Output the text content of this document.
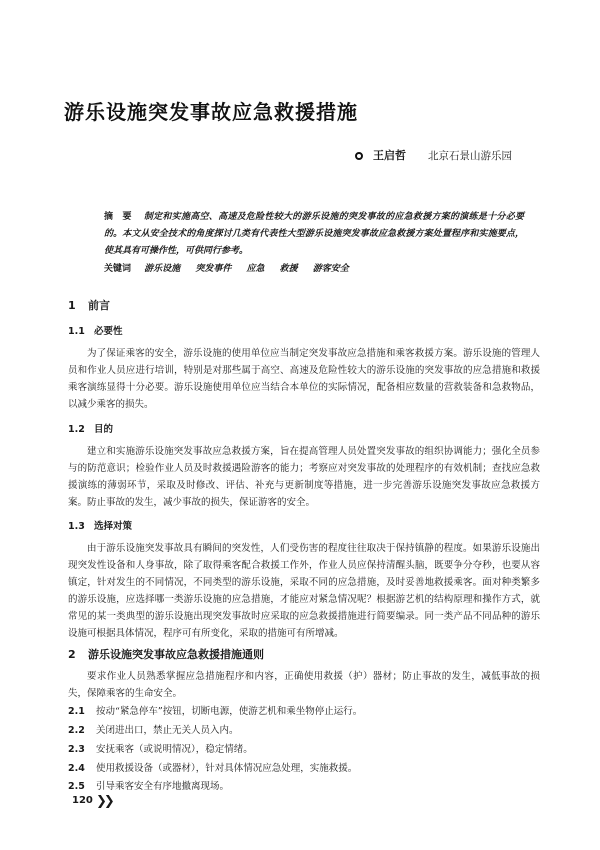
游乐设施突发事故应急救援措施
王启哲 北京石景山游乐园
摘　要 制定和实施高空、高速及危险性较大的游乐设施的突发事故的应急救援方案的演练是十分必要的。本文从安全技术的角度探讨几类有代表性大型游乐设施突发事故应急救援方案处置程序和实施要点，使其具有可操作性，可供同行参考。
关键词 游乐设施 突发事件 应急 救援 游客安全
1 前言
1.1 必要性

为了保证乘客的安全，游乐设施的使用单位应当制定突发事故应急措施和乘客救援方案。游乐设施的管理人员和作业人员应进行培训，特别是对那些属于高空、高速及危险性较大的游乐设施的突发事故的应急措施和救援乘客演练显得十分必要。游乐设施使用单位应当结合本单位的实际情况，配备相应数量的营救装备和急救物品，以减少乘客的损失。

1.2 目的

建立和实施游乐设施突发事故应急救援方案，旨在提高管理人员处置突发事故的组织协调能力；强化全员参与的防范意识；检验作业人员及时救援遇险游客的能力；考察应对突发事故的处理程序的有效机制；查找应急救援演练的薄弱环节，采取及时修改、评估、补充与更新制度等措施，进一步完善游乐设施突发事故应急救援方案。防止事故的发生，减少事故的损失，保证游客的安全。

1.3 选择对策

由于游乐设施突发事故具有瞬间的突发性，人们受伤害的程度往往取决于保持镇静的程度。如果游乐设施出现突发性设备和人身事故，除了取得乘客配合救援工作外，作业人员应保持清醒头脑，既要争分夺秒，也要从容镇定，针对发生的不同情况，不同类型的游乐设施，采取不同的应急措施，及时妥善地救援乘客。面对种类繁多的游乐设施，应选择哪一类游乐设施的应急措施，才能应对紧急情况呢？根据游艺机的结构原理和操作方式，就常见的某一类典型的游乐设施出现突发事故时应采取的应急救援措施进行简要编录。同一类产品不同品种的游乐设施可根据具体情况，程序可有所变化，采取的措施可有所增减。

2 游乐设施突发事故应急救援措施通则

要求作业人员熟悉掌握应急措施程序和内容，正确使用救援（护）器材；防止事故的发生，减低事故的损失，保障乘客的生命安全。

2.1 按动“紧急停车”按钮，切断电源，使游艺机和乘坐物停止运行。
2.2 关闭进出口，禁止无关人员入内。
2.3 安抚乘客（或说明情况），稳定情绪。
2.4 使用救援设备（或器材），针对具体情况应急处理，实施救援。
2.5 引导乘客安全有序地撤离现场。
120 ❯❯
